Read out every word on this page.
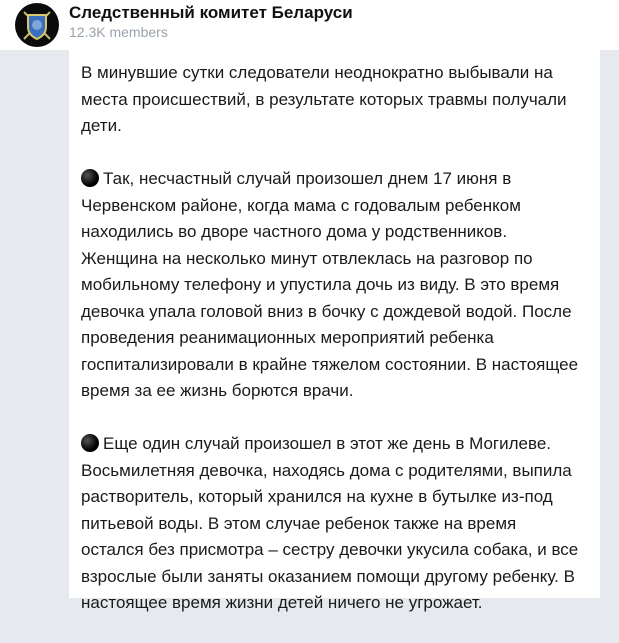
Следственный комитет Беларуси
12.3K members

В минувшие сутки следователи неоднократно выбывали на
места происшествий, в результате которых травмы получали
дети.

Так, несчастный случай произошел днем 17 июня в
Червенском районе, когда мама с годовалым ребенком
находились во дворе частного дома у родственников.
Женщина на несколько минут отвлеклась на разговор по
мобильному телефону и упустила дочь из виду. В это время
девочка упала головой вниз в бочку с дождевой водой. После
проведения реанимационных мероприятий ребенка
госпитализировали в крайне тяжелом состоянии. В настоящее
время за ее жизнь борются врачи.

Еще один случай произошел в этот же день в Могилеве.
Восьмилетняя девочка, находясь дома с родителями, выпила
растворитель, который хранился на кухне в бутылке из-под
питьевой воды. В этом случае ребенок также на время
остался без присмотра – сестру девочки укусила собака, и все
взрослые были заняты оказанием помощи другому ребенку. В
настоящее время жизни детей ничего не угрожает.
